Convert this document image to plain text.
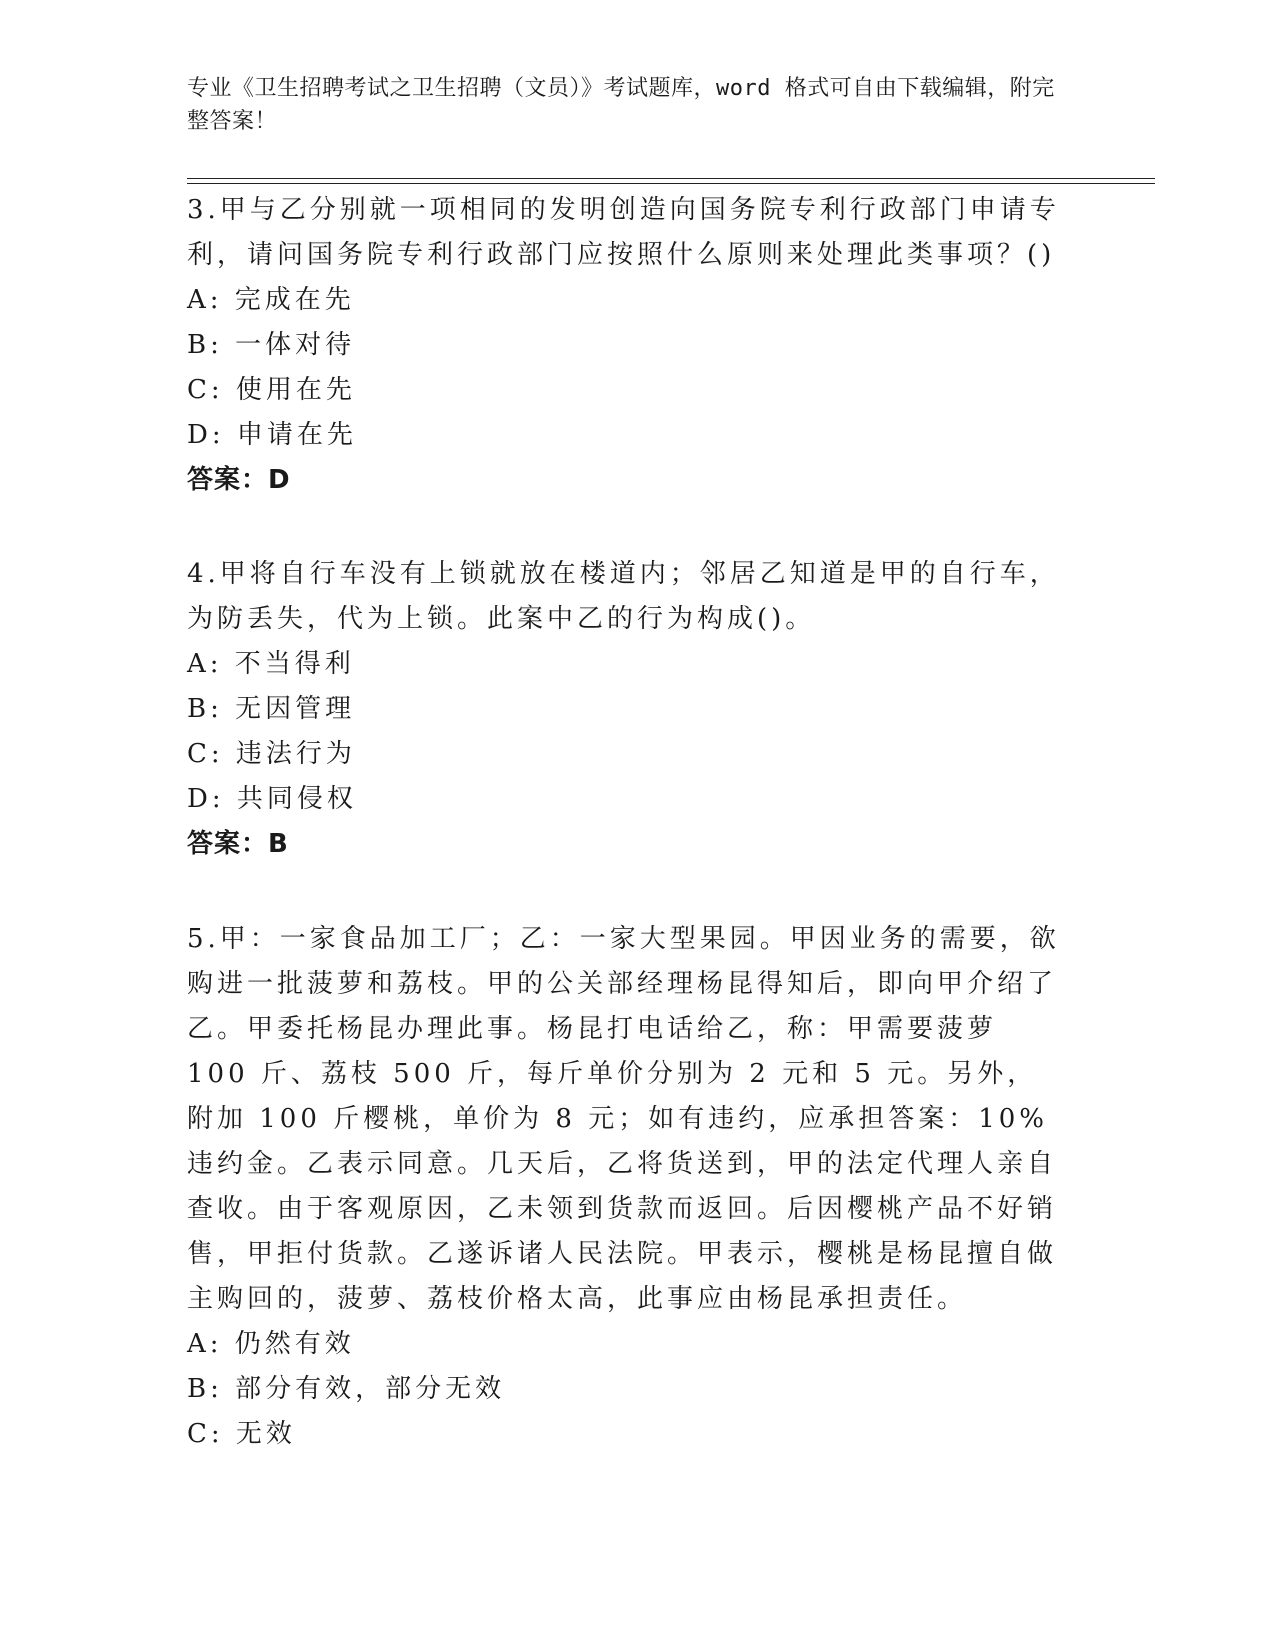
专业《卫生招聘考试之卫生招聘（文员）》考试题库，word 格式可自由下载编辑，附完整答案！

3.甲与乙分别就一项相同的发明创造向国务院专利行政部门申请专利，请问国务院专利行政部门应按照什么原则来处理此类事项？()

A: 完成在先

B: 一体对待

C: 使用在先

D: 申请在先

答案：D

4.甲将自行车没有上锁就放在楼道内；邻居乙知道是甲的自行车，为防丢失，代为上锁。此案中乙的行为构成()。

A: 不当得利

B: 无因管理

C: 违法行为

D: 共同侵权

答案：B

5.甲：一家食品加工厂；乙：一家大型果园。甲因业务的需要，欲购进一批菠萝和荔枝。甲的公关部经理杨昆得知后，即向甲介绍了乙。甲委托杨昆办理此事。杨昆打电话给乙，称：甲需要菠萝 100 斤、荔枝 500 斤，每斤单价分别为 2 元和 5 元。另外，附加 100 斤樱桃，单价为 8 元；如有违约，应承担答案：10%违约金。乙表示同意。几天后，乙将货送到，甲的法定代理人亲自查收。由于客观原因，乙未领到货款而返回。后因樱桃产品不好销售，甲拒付货款。乙遂诉诸人民法院。甲表示，樱桃是杨昆擅自做主购回的，菠萝、荔枝价格太高，此事应由杨昆承担责任。

A: 仍然有效

B: 部分有效，部分无效

C: 无效
